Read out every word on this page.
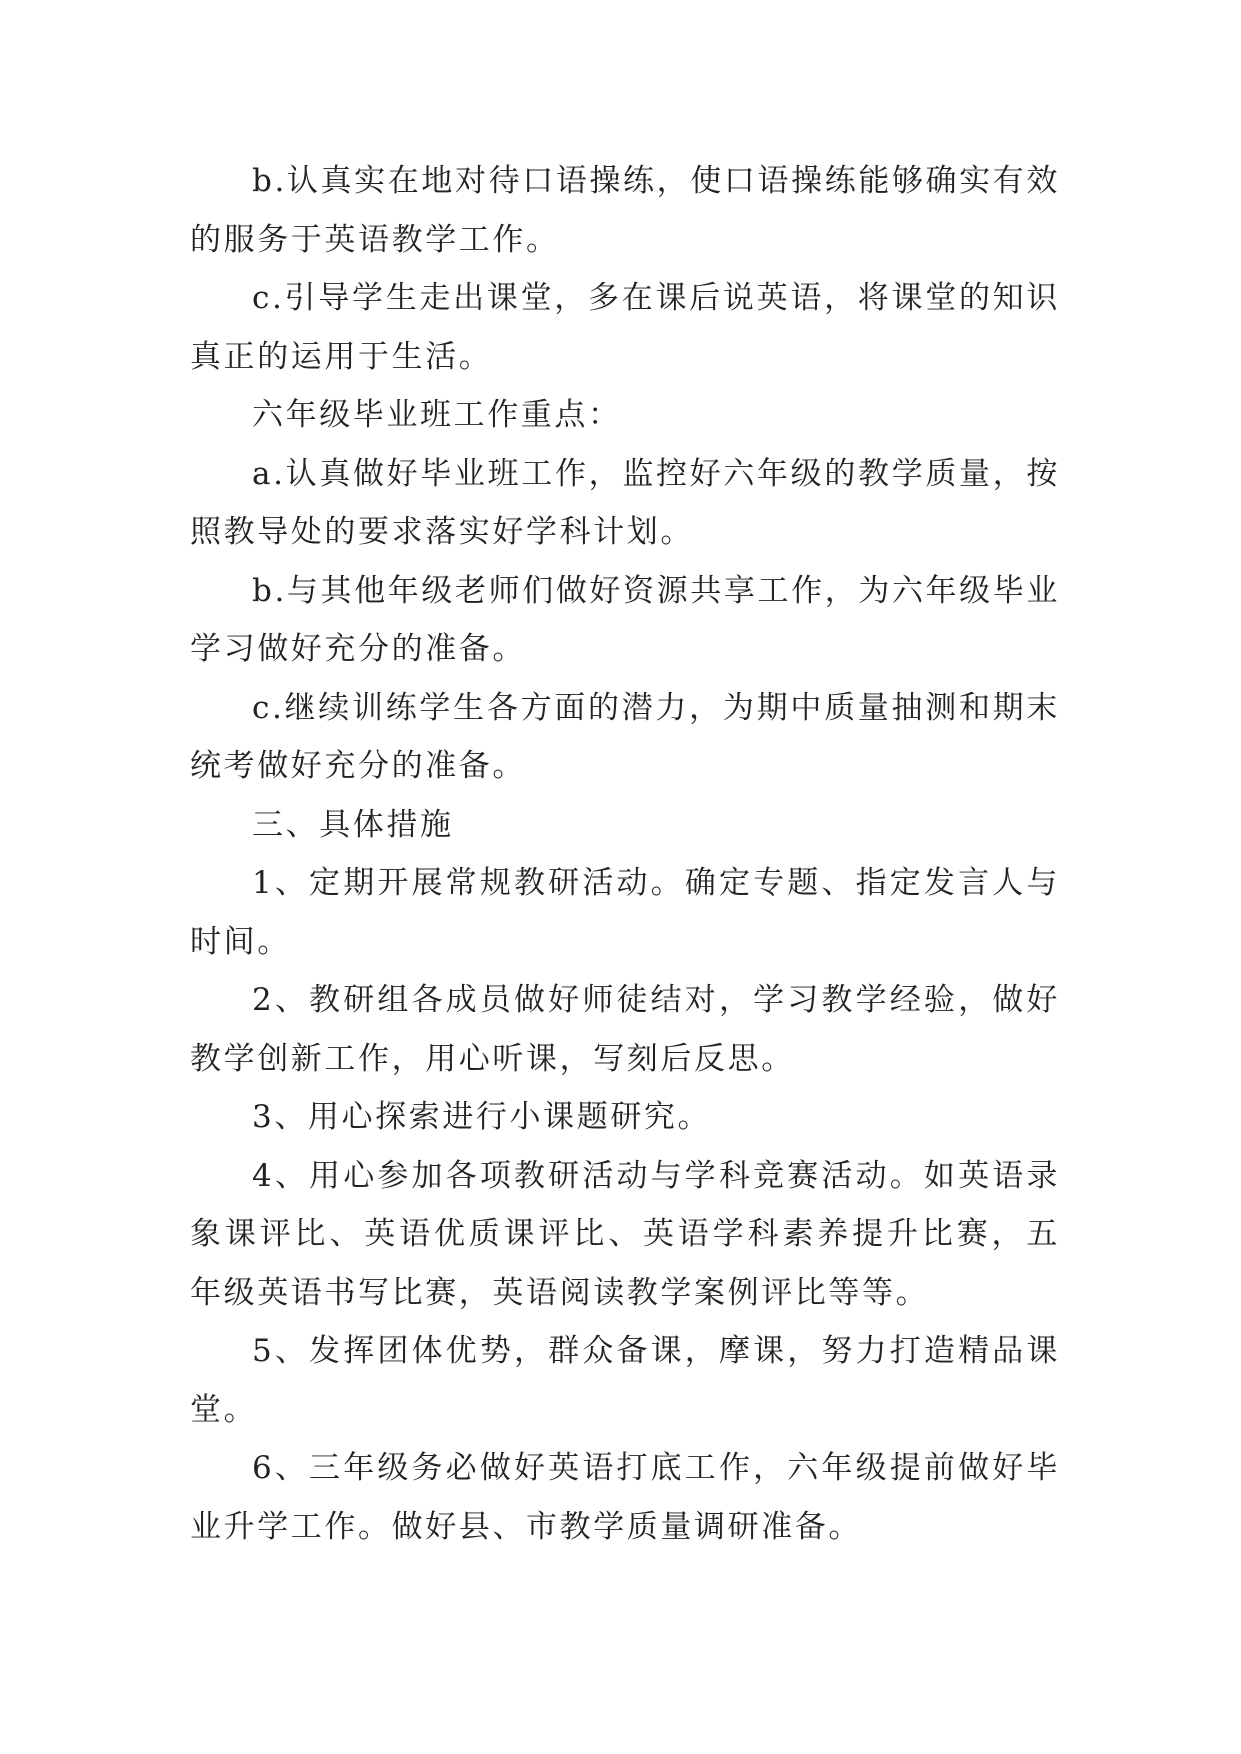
b.认真实在地对待口语操练，使口语操练能够确实有效的服务于英语教学工作。

c.引导学生走出课堂，多在课后说英语，将课堂的知识真正的运用于生活。

六年级毕业班工作重点：

a.认真做好毕业班工作，监控好六年级的教学质量，按照教导处的要求落实好学科计划。

b.与其他年级老师们做好资源共享工作，为六年级毕业学习做好充分的准备。

c.继续训练学生各方面的潜力，为期中质量抽测和期末统考做好充分的准备。

三、具体措施

1、定期开展常规教研活动。确定专题、指定发言人与时间。

2、教研组各成员做好师徒结对，学习教学经验，做好教学创新工作，用心听课，写刻后反思。

3、用心探索进行小课题研究。

4、用心参加各项教研活动与学科竞赛活动。如英语录象课评比、英语优质课评比、英语学科素养提升比赛，五年级英语书写比赛，英语阅读教学案例评比等等。

5、发挥团体优势，群众备课，摩课，努力打造精品课堂。

6、三年级务必做好英语打底工作，六年级提前做好毕业升学工作。做好县、市教学质量调研准备。
